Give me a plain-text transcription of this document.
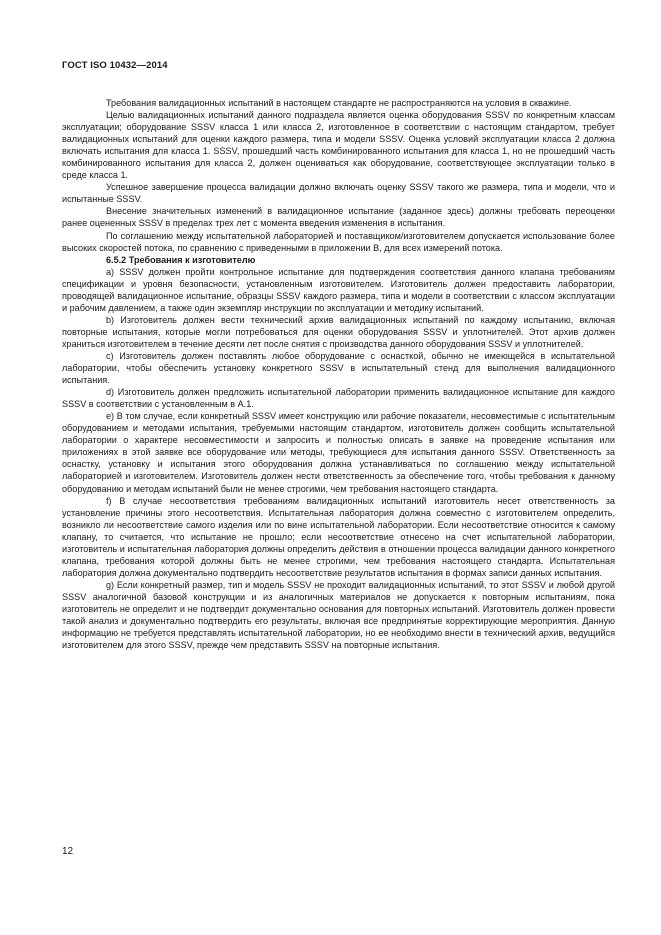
ГОСТ ISO 10432—2014

Требования валидационных испытаний в настоящем стандарте не распространяются на условия в скважине.

Целью валидационных испытаний данного подраздела является оценка оборудования SSSV по конкретным классам эксплуатации; оборудование SSSV класса 1 или класса 2, изготовленное в соответствии с настоящим стандартом, требует валидационных испытаний для оценки каждого размера, типа и модели SSSV. Оценка условий эксплуатации класса 2 должна включать испытания для класса 1. SSSV, прошедший часть комбинированного испытания для класса 1, но не прошедший часть комбинированного испытания для класса 2, должен оцениваться как оборудование, соответствующее эксплуатации только в среде класса 1.

Успешное завершение процесса валидации должно включать оценку SSSV такого же размера, типа и модели, что и испытанные SSSV.

Внесение значительных изменений в валидационное испытание (заданное здесь) должны требовать переоценки ранее оцененных SSSV в пределах трех лет с момента введения изменения в испытания.

По соглашению между испытательной лабораторией и поставщиком/изготовителем допускается использование более высоких скоростей потока, по сравнению с приведенными в приложении В, для всех измерений потока.

6.5.2 Требования к изготовителю

а) SSSV должен пройти контрольное испытание для подтверждения соответствия данного клапана требованиям спецификации и уровня безопасности, установленным изготовителем. Изготовитель должен предоставить лаборатории, проводящей валидационное испытание, образцы SSSV каждого размера, типа и модели в соответствии с классом эксплуатации и рабочим давлением, а также один экземпляр инструкции по эксплуатации и методику испытаний.

b) Изготовитель должен вести технический архив валидационных испытаний по каждому испытанию, включая повторные испытания, которые могли потребоваться для оценки оборудования SSSV и уплотнителей. Этот архив должен храниться изготовителем в течение десяти лет после снятия с производства данного оборудования SSSV и уплотнителей.

c) Изготовитель должен поставлять любое оборудование с оснасткой, обычно не имеющейся в испытательной лаборатории, чтобы обеспечить установку конкретного SSSV в испытательный стенд для выполнения валидационного испытания.

d) Изготовитель должен предложить испытательной лаборатории применить валидационное испытание для каждого SSSV в соответствии с установленным в А.1.

e) В том случае, если конкретный SSSV имеет конструкцию или рабочие показатели, несовместимые с испытательным оборудованием и методами испытания, требуемыми настоящим стандартом, изготовитель должен сообщить испытательной лаборатории о характере несовместимости и запросить и полностью описать в заявке на проведение испытания или приложениях в этой заявке все оборудование или методы, требующиеся для испытания данного SSSV. Ответственность за оснастку, установку и испытания этого оборудования должна устанавливаться по соглашению между испытательной лабораторией и изготовителем. Изготовитель должен нести ответственность за обеспечение того, чтобы требования к данному оборудованию и методам испытаний были не менее строгими, чем требования настоящего стандарта.

f) В случае несоответствия требованиям валидационных испытаний изготовитель несет ответственность за установление причины этого несоответствия. Испытательная лаборатория должна совместно с изготовителем определить, возникло ли несоответствие самого изделия или по вине испытательной лаборатории. Если несоответствие относится к самому клапану, то считается, что испытание не прошло; если несоответствие отнесено на счет испытательной лаборатории, изготовитель и испытательная лаборатория должны определить действия в отношении процесса валидации данного конкретного клапана, требования которой должны быть не менее строгими, чем требования настоящего стандарта. Испытательная лаборатория должна документально подтвердить несоответствие результатов испытания в формах записи данных испытания.

g) Если конкретный размер, тип и модель SSSV не проходит валидационных испытаний, то этот SSSV и любой другой SSSV аналогичной базовой конструкции и из аналогичных материалов не допускается к повторным испытаниям, пока изготовитель не определит и не подтвердит документально основания для повторных испытаний. Изготовитель должен провести такой анализ и документально подтвердить его результаты, включая все предпринятые корректирующие мероприятия. Данную информацию не требуется представлять испытательной лаборатории, но ее необходимо внести в технический архив, ведущийся изготовителем для этого SSSV, прежде чем представить SSSV на повторные испытания.

12
